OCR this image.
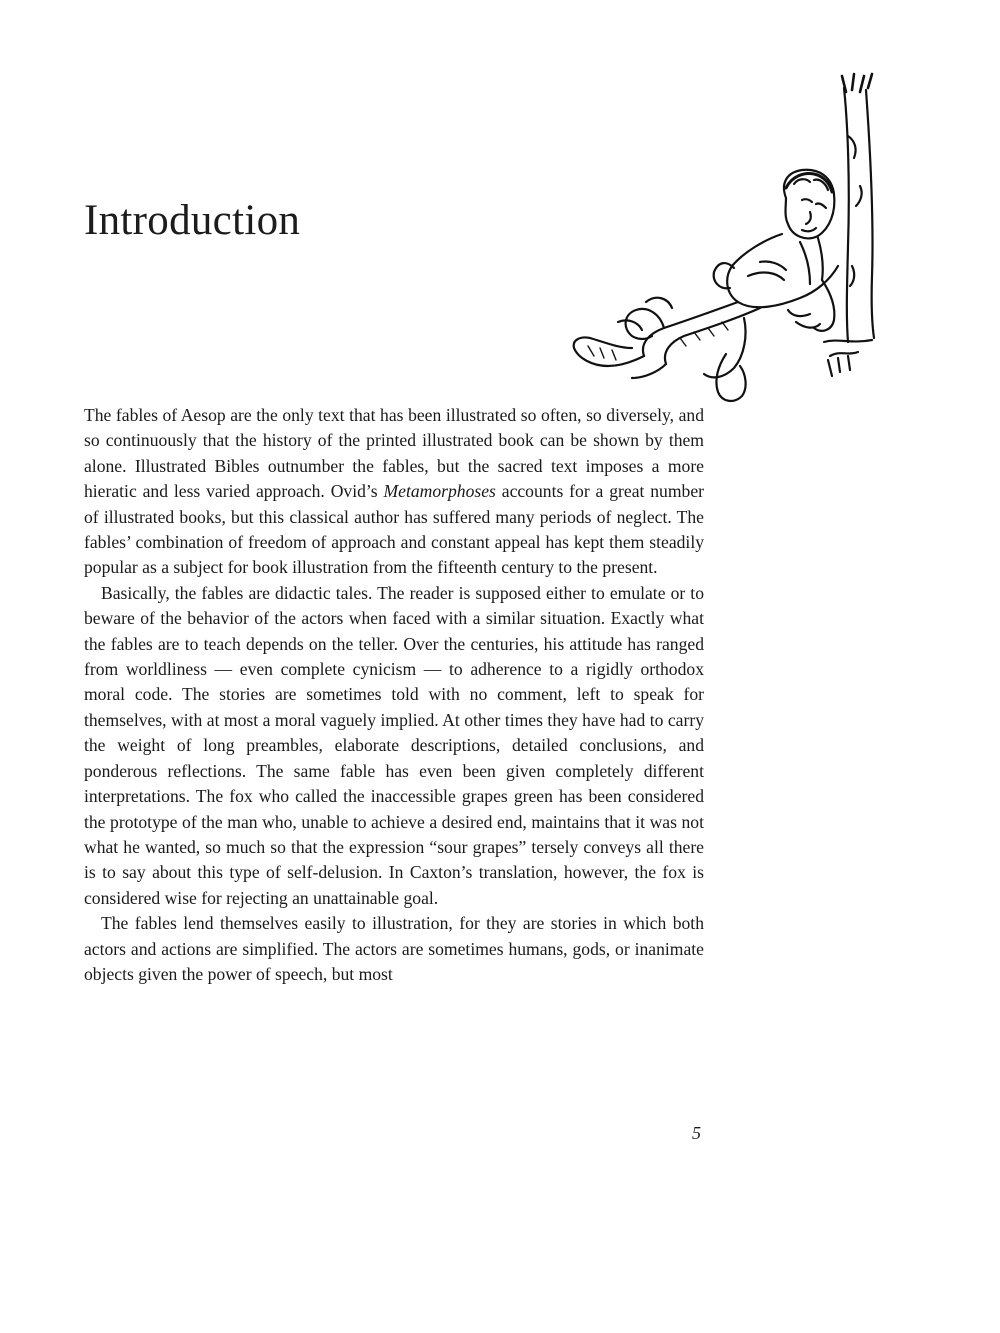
Introduction

The fables of Aesop are the only text that has been illustrated so often, so diversely, and so continuously that the history of the printed illustrated book can be shown by them alone. Illustrated Bibles outnumber the fables, but the sacred text imposes a more hieratic and less varied approach. Ovid’s Metamorphoses accounts for a great number of illustrated books, but this classical author has suffered many periods of neglect. The fables’ combination of freedom of approach and constant appeal has kept them steadily popular as a subject for book illustration from the fifteenth century to the present.

Basically, the fables are didactic tales. The reader is supposed either to emulate or to beware of the behavior of the actors when faced with a similar situation. Exactly what the fables are to teach depends on the teller. Over the centuries, his attitude has ranged from worldliness — even complete cynicism — to adherence to a rigidly orthodox moral code. The stories are sometimes told with no comment, left to speak for themselves, with at most a moral vaguely implied. At other times they have had to carry the weight of long preambles, elaborate descriptions, detailed conclusions, and ponderous reflections. The same fable has even been given completely different interpretations. The fox who called the inaccessible grapes green has been considered the prototype of the man who, unable to achieve a desired end, maintains that it was not what he wanted, so much so that the expression “sour grapes” tersely conveys all there is to say about this type of self-delusion. In Caxton’s translation, however, the fox is considered wise for rejecting an unattainable goal.

The fables lend themselves easily to illustration, for they are stories in which both actors and actions are simplified. The actors are sometimes humans, gods, or inanimate objects given the power of speech, but most

5
